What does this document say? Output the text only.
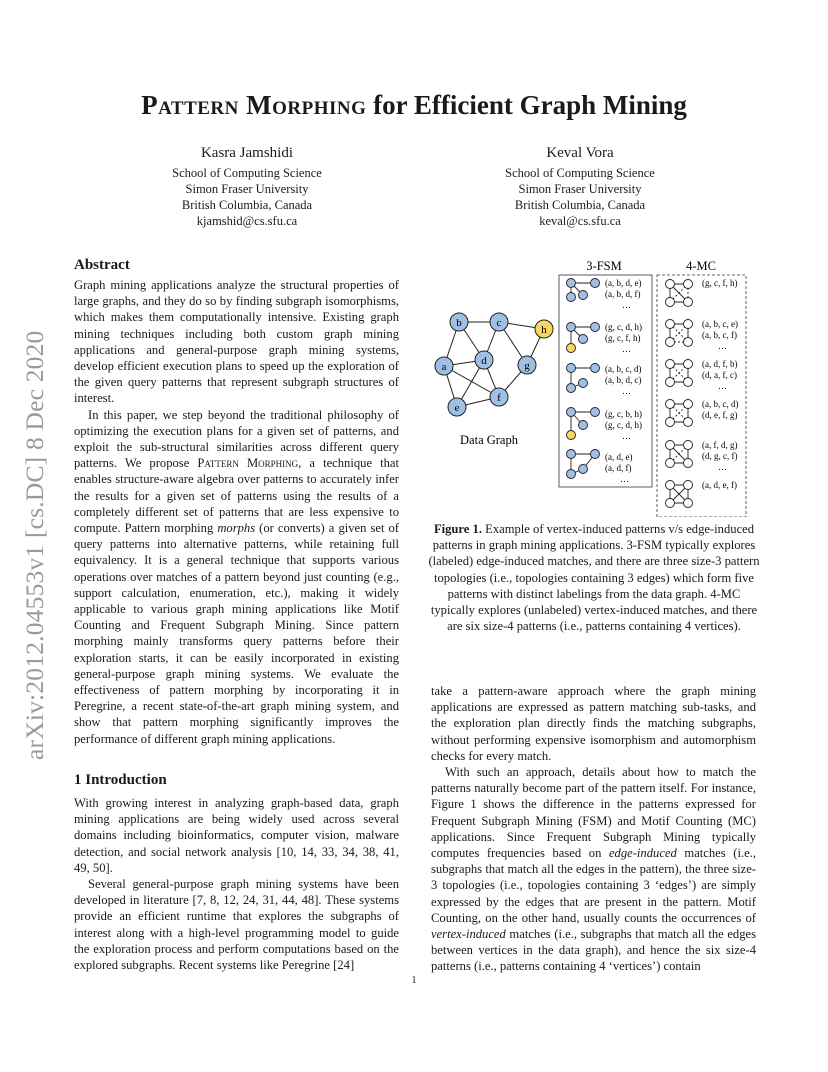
arXiv:2012.04553v1 [cs.DC] 8 Dec 2020
Pattern Morphing for Efficient Graph Mining
Kasra Jamshidi
School of Computing Science
Simon Fraser University
British Columbia, Canada
kjamshid@cs.sfu.ca
Keval Vora
School of Computing Science
Simon Fraser University
British Columbia, Canada
keval@cs.sfu.ca
Abstract

Graph mining applications analyze the structural properties of large graphs, and they do so by finding subgraph isomorphisms, which makes them computationally intensive. Existing graph mining techniques including both custom graph mining applications and general-purpose graph mining systems, develop efficient execution plans to speed up the exploration of the given query patterns that represent subgraph structures of interest.

In this paper, we step beyond the traditional philosophy of optimizing the execution plans for a given set of patterns, and exploit the sub-structural similarities across different query patterns. We propose Pattern Morphing, a technique that enables structure-aware algebra over patterns to accurately infer the results for a given set of patterns using the results of a completely different set of patterns that are less expensive to compute. Pattern morphing morphs (or converts) a given set of query patterns into alternative patterns, while retaining full equivalency. It is a general technique that supports various operations over matches of a pattern beyond just counting (e.g., support calculation, enumeration, etc.), making it widely applicable to various graph mining applications like Motif Counting and Frequent Subgraph Mining. Since pattern morphing mainly transforms query patterns before their exploration starts, it can be easily incorporated in existing general-purpose graph mining systems. We evaluate the effectiveness of pattern morphing by incorporating it in Peregrine, a recent state-of-the-art graph mining system, and show that pattern morphing significantly improves the performance of different graph mining applications.

1 Introduction

With growing interest in analyzing graph-based data, graph mining applications are being widely used across several domains including bioinformatics, computer vision, malware detection, and social network analysis [10, 14, 33, 34, 38, 41, 49, 50].

Several general-purpose graph mining systems have been developed in literature [7, 8, 12, 24, 31, 44, 48]. These systems provide an efficient runtime that explores the subgraphs of interest along with a high-level programming model to guide the exploration process and perform computations based on the explored subgraphs. Recent systems like Peregrine [24]

take a pattern-aware approach where the graph mining applications are expressed as pattern matching sub-tasks, and the exploration plan directly finds the matching subgraphs, without performing expensive isomorphism and automorphism checks for every match.

With such an approach, details about how to match the patterns naturally become part of the pattern itself. For instance, Figure 1 shows the difference in the patterns expressed for Frequent Subgraph Mining (FSM) and Motif Counting (MC) applications. Since Frequent Subgraph Mining typically computes frequencies based on edge-induced matches (i.e., subgraphs that match all the edges in the pattern), the three size-3 topologies (i.e., topologies containing 3 ‘edges’) are simply expressed by the edges that are present in the pattern. Motif Counting, on the other hand, usually counts the occurrences of vertex-induced matches (i.e., subgraphs that match all the edges between vertices in the data graph), and hence the six size-4 patterns (i.e., patterns containing 4 ‘vertices’) contain

b	c
h
d
a	g
f
e
Data Graph
3-FSM	4-MC
(a, b, d, e)
(a, b, d, f)
…
(g, c, d, h)
(g, c, f, h)
…
(a, b, c, d)
(a, b, d, c)
…
(g, c, b, h)
(g, c, d, h)
…
(a, d, e)
(a, d, f)
…
(g, c, f, h)
(a, b, c, e)
(a, b, c, f)
…
(a, d, f, b)
(d, a, f, c)
…
(a, b, c, d)
(d, e, f, g)
(a, f, d, g)
(d, g, c, f)
…
(a, d, e, f)
Figure 1. Example of vertex-induced patterns v/s edge-induced patterns in graph mining applications. 3-FSM typically explores (labeled) edge-induced matches, and there are three size-3 pattern topologies (i.e., topologies containing 3 edges) which form five patterns with distinct labelings from the data graph. 4-MC typically explores (unlabeled) vertex-induced matches, and there are six size-4 patterns (i.e., patterns containing 4 vertices).
1
